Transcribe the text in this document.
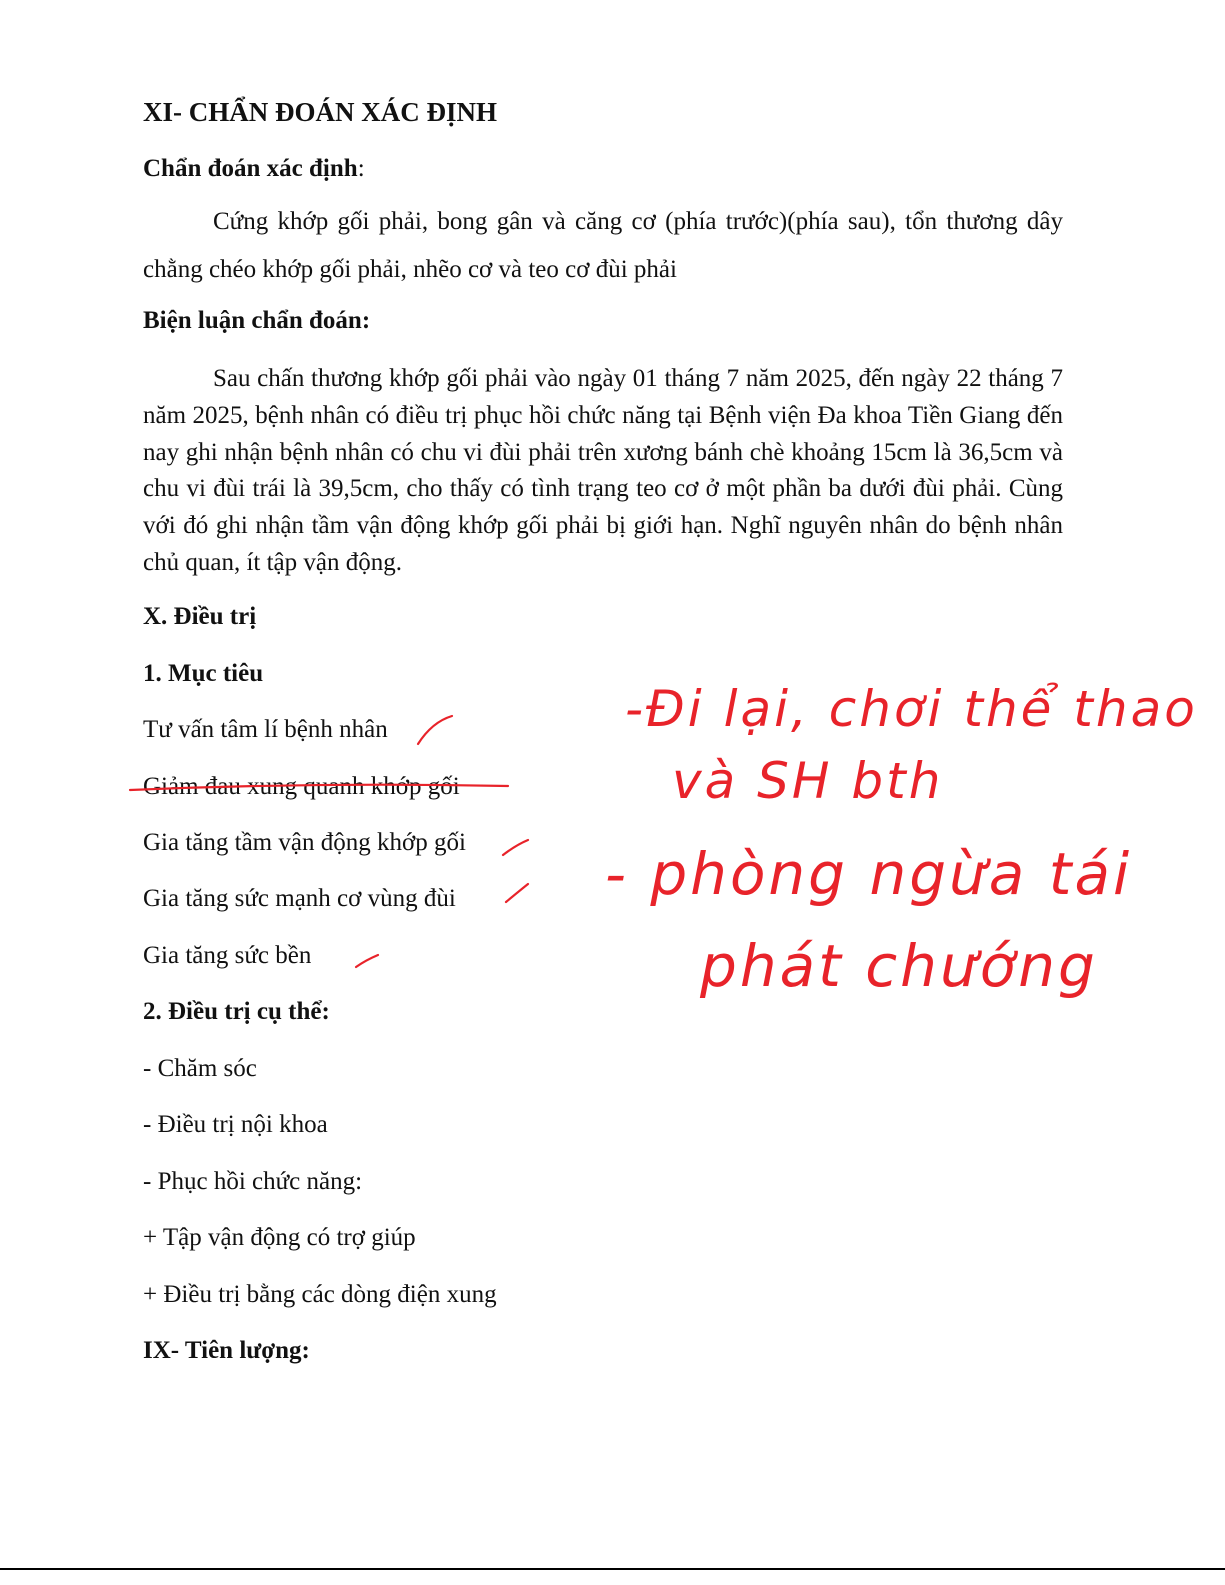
XI- CHẨN ĐOÁN XÁC ĐỊNH
Chẩn đoán xác định:

Cứng khớp gối phải, bong gân và căng cơ (phía trước)(phía sau), tổn thương dây chằng chéo khớp gối phải, nhẽo cơ và teo cơ đùi phải

Biện luận chẩn đoán:

Sau chấn thương khớp gối phải vào ngày 01 tháng 7 năm 2025, đến ngày 22 tháng 7 năm 2025, bệnh nhân có điều trị phục hồi chức năng tại Bệnh viện Đa khoa Tiền Giang đến nay ghi nhận bệnh nhân có chu vi đùi phải trên xương bánh chè khoảng 15cm là 36,5cm và chu vi đùi trái là 39,5cm, cho thấy có tình trạng teo cơ ở một phần ba dưới đùi phải. Cùng với đó ghi nhận tầm vận động khớp gối phải bị giới hạn. Nghĩ nguyên nhân do bệnh nhân chủ quan, ít tập vận động.

X. Điều trị
1. Mục tiêu
Tư vấn tâm lí bệnh nhân
Giảm đau xung quanh khớp gối
Gia tăng tầm vận động khớp gối
Gia tăng sức mạnh cơ vùng đùi
Gia tăng sức bền
2. Điều trị cụ thể:
- Chăm sóc
- Điều trị nội khoa
- Phục hồi chức năng:
+ Tập vận động có trợ giúp
+ Điều trị bằng các dòng điện xung
IX- Tiên lượng:
-Đi lại, chơi thể thao
và SH bth
- phòng ngừa tái
phát chướng
